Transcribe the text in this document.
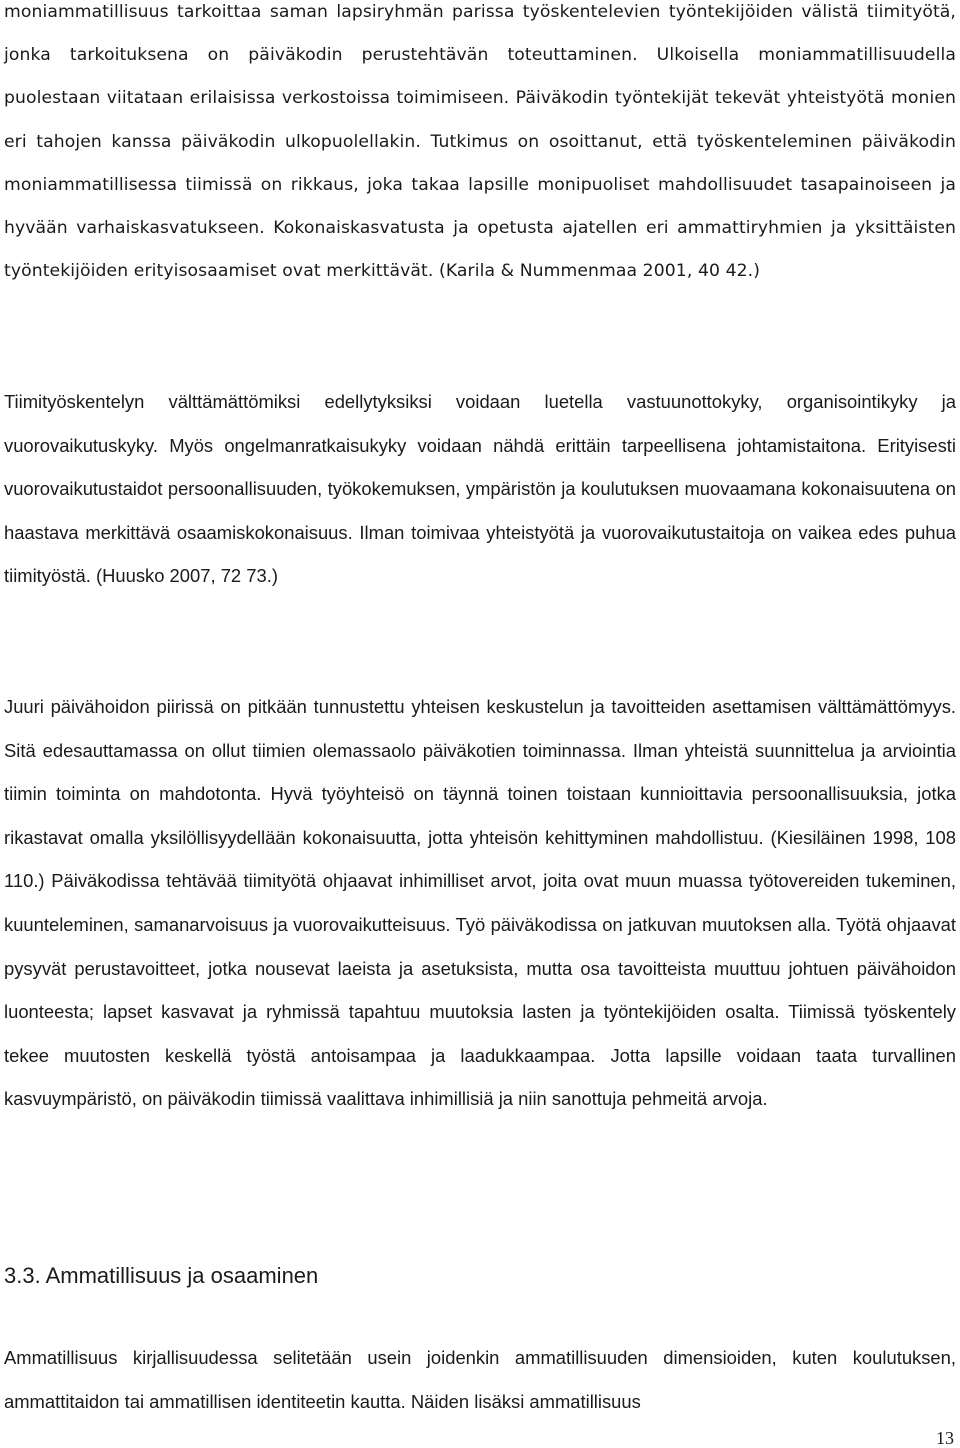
moniammatillisuus tarkoittaa saman lapsiryhmän parissa työskentelevien työntekijöiden välistä tiimityötä, jonka tarkoituksena on päiväkodin perustehtävän toteuttaminen. Ulkoisella moniammatillisuudella puolestaan viitataan erilaisissa verkostoissa toimimiseen. Päiväkodin työntekijät tekevät yhteistyötä monien eri tahojen kanssa päiväkodin ulkopuolellakin. Tutkimus on osoittanut, että työskenteleminen päiväkodin moniammatillisessa tiimissä on rikkaus, joka takaa lapsille monipuoliset mahdollisuudet tasapainoiseen ja hyvään varhaiskasvatukseen. Kokonaiskasvatusta ja opetusta ajatellen eri ammattiryhmien ja yksittäisten työntekijöiden erityisosaamiset ovat merkittävät. (Karila & Nummenmaa 2001, 40 42.)

Tiimityöskentelyn välttämättömiksi edellytyksiksi voidaan luetella vastuunottokyky, organisointikyky ja vuorovaikutuskyky. Myös ongelmanratkaisukyky voidaan nähdä erittäin tarpeellisena johtamistaitona. Erityisesti vuorovaikutustaidot persoonallisuuden, työkokemuksen, ympäristön ja koulutuksen muovaamana kokonaisuutena on haastava merkittävä osaamiskokonaisuus. Ilman toimivaa yhteistyötä ja vuorovaikutustaitoja on vaikea edes puhua tiimityöstä. (Huusko 2007, 72 73.)

Juuri päivähoidon piirissä on pitkään tunnustettu yhteisen keskustelun ja tavoitteiden asettamisen välttämättömyys. Sitä edesauttamassa on ollut tiimien olemassaolo päiväkotien toiminnassa. Ilman yhteistä suunnittelua ja arviointia tiimin toiminta on mahdotonta. Hyvä työyhteisö on täynnä toinen toistaan kunnioittavia persoonallisuuksia, jotka rikastavat omalla yksilöllisyydellään kokonaisuutta, jotta yhteisön kehittyminen mahdollistuu. (Kiesiläinen 1998, 108 110.) Päiväkodissa tehtävää tiimityötä ohjaavat inhimilliset arvot, joita ovat muun muassa työtovereiden tukeminen, kuunteleminen, samanarvoisuus ja vuorovaikutteisuus. Työ päiväkodissa on jatkuvan muutoksen alla. Työtä ohjaavat pysyvät perustavoitteet, jotka nousevat laeista ja asetuksista, mutta osa tavoitteista muuttuu johtuen päivähoidon luonteesta; lapset kasvavat ja ryhmissä tapahtuu muutoksia lasten ja työntekijöiden osalta. Tiimissä työskentely tekee muutosten keskellä työstä antoisampaa ja laadukkaampaa. Jotta lapsille voidaan taata turvallinen kasvuympäristö, on päiväkodin tiimissä vaalittava inhimillisiä ja niin sanottuja pehmeitä arvoja.

3.3. Ammatillisuus ja osaaminen

Ammatillisuus kirjallisuudessa selitetään usein joidenkin ammatillisuuden dimensioiden, kuten koulutuksen, ammattitaidon tai ammatillisen identiteetin kautta. Näiden lisäksi ammatillisuus

13
